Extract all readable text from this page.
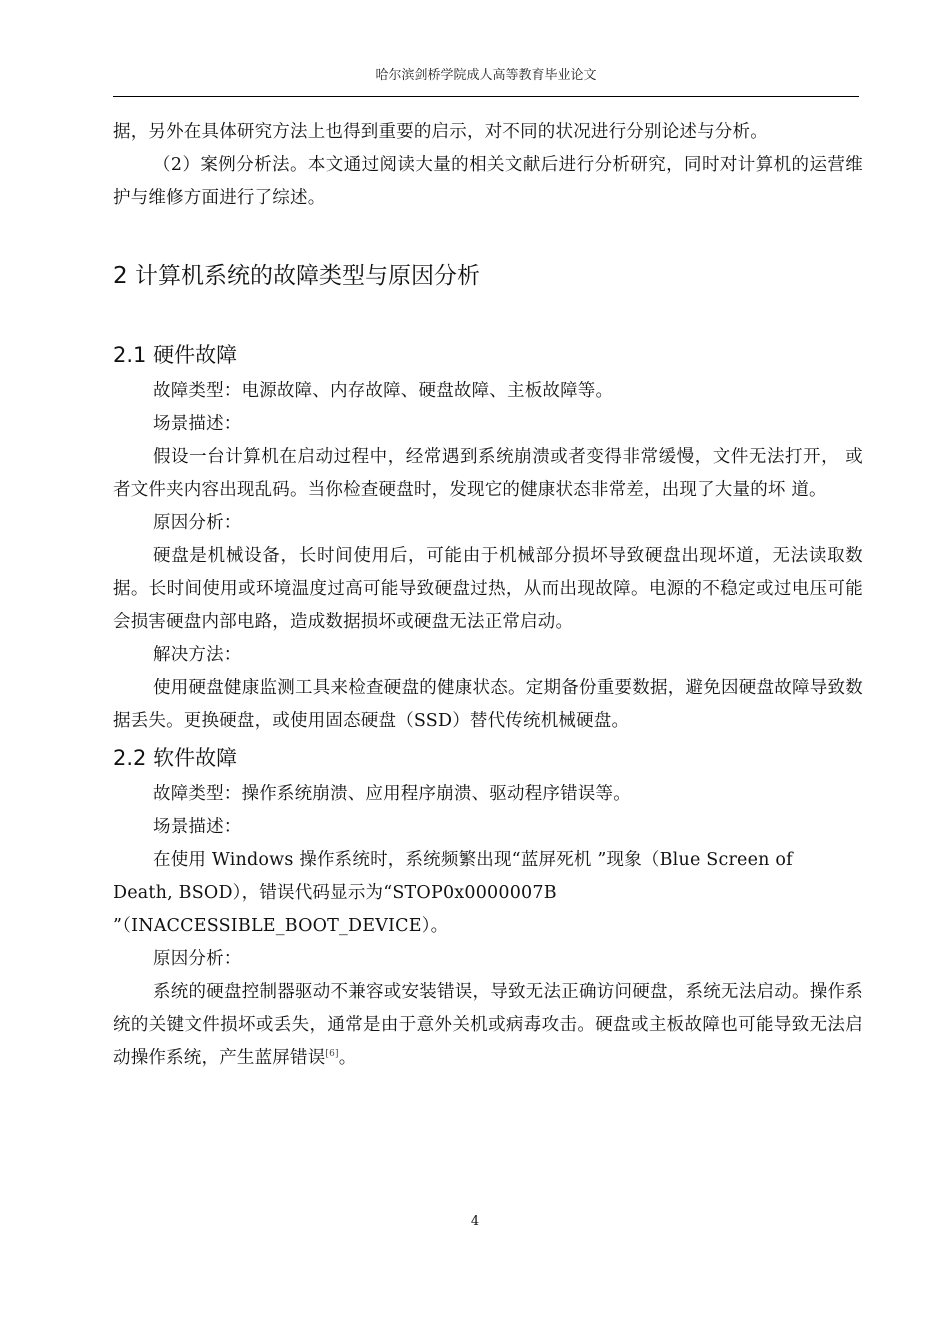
哈尔滨剑桥学院成人高等教育毕业论文

据，另外在具体研究方法上也得到重要的启示，对不同的状况进行分别论述与分析。

（2）案例分析法。本文通过阅读大量的相关文献后进行分析研究，同时对计算机的运营维护与维修方面进行了综述。

2 计算机系统的故障类型与原因分析
2.1 硬件故障

故障类型：电源故障、内存故障、硬盘故障、主板故障等。

场景描述：

假设一台计算机在启动过程中，经常遇到系统崩溃或者变得非常缓慢，文件无法打开， 或者文件夹内容出现乱码。当你检查硬盘时，发现它的健康状态非常差，出现了大量的坏 道。

原因分析：

硬盘是机械设备，长时间使用后，可能由于机械部分损坏导致硬盘出现坏道，无法读取数据。长时间使用或环境温度过高可能导致硬盘过热，从而出现故障。电源的不稳定或过电压可能会损害硬盘内部电路，造成数据损坏或硬盘无法正常启动。

解决方法：

使用硬盘健康监测工具来检查硬盘的健康状态。定期备份重要数据，避免因硬盘故障导致数据丢失。更换硬盘，或使用固态硬盘（SSD）替代传统机械硬盘。

2.2 软件故障

故障类型：操作系统崩溃、应用程序崩溃、驱动程序错误等。

场景描述：

在使用 Windows 操作系统时，系统频繁出现“蓝屏死机 ”现象（Blue Screen of

Death, BSOD），错误代码显示为“STOP0x0000007B

”（INACCESSIBLE_BOOT_DEVICE）。

原因分析：

系统的硬盘控制器驱动不兼容或安装错误，导致无法正确访问硬盘，系统无法启动。操作系统的关键文件损坏或丢失，通常是由于意外关机或病毒攻击。硬盘或主板故障也可能导致无法启动操作系统，产生蓝屏错误[6]。

4
